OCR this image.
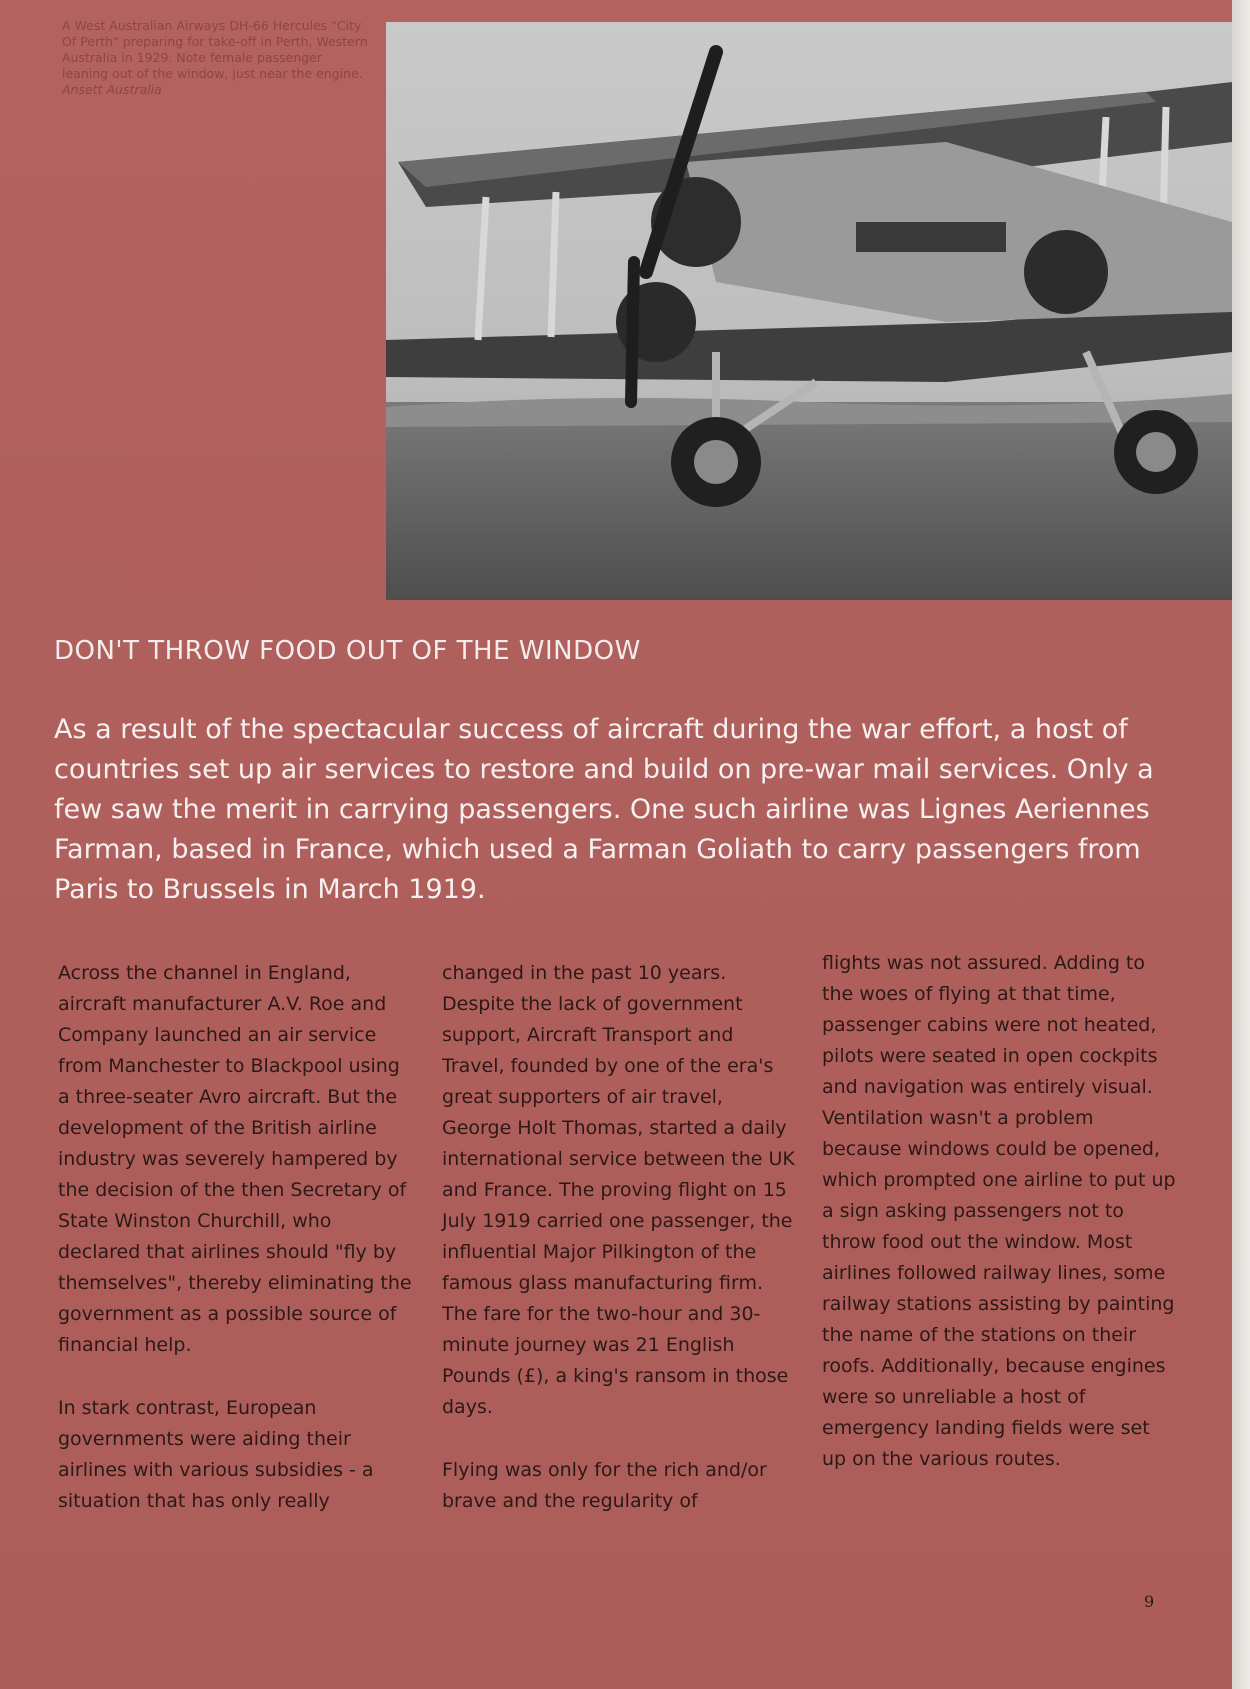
A West Australian Airways DH-66 Hercules "City Of Perth" preparing for take-off in Perth, Western Australia in 1929. Note female passenger leaning out of the window, just near the engine. Ansett Australia
DON'T THROW FOOD OUT OF THE WINDOW
As a result of the spectacular success of aircraft during the war effort, a host of countries set up air services to restore and build on pre-war mail services. Only a few saw the merit in carrying passengers. One such airline was Lignes Aeriennes Farman, based in France, which used a Farman Goliath to carry passengers from Paris to Brussels in March 1919.

Across the channel in England, aircraft manufacturer A.V. Roe and Company launched an air service from Manchester to Blackpool using a three-seater Avro aircraft. But the development of the British airline industry was severely hampered by the decision of the then Secretary of State Winston Churchill, who declared that airlines should "fly by themselves", thereby eliminating the government as a possible source of financial help.

In stark contrast, European governments were aiding their airlines with various subsidies - a situation that has only really

changed in the past 10 years. Despite the lack of government support, Aircraft Transport and Travel, founded by one of the era's great supporters of air travel, George Holt Thomas, started a daily international service between the UK and France. The proving flight on 15 July 1919 carried one passenger, the influential Major Pilkington of the famous glass manufacturing firm. The fare for the two-hour and 30-minute journey was 21 English Pounds (£), a king's ransom in those days.

Flying was only for the rich and/or brave and the regularity of

flights was not assured. Adding to the woes of flying at that time, passenger cabins were not heated, pilots were seated in open cockpits and navigation was entirely visual. Ventilation wasn't a problem because windows could be opened, which prompted one airline to put up a sign asking passengers not to throw food out the window. Most airlines followed railway lines, some railway stations assisting by painting the name of the stations on their roofs. Additionally, because engines were so unreliable a host of emergency landing fields were set up on the various routes.

9
